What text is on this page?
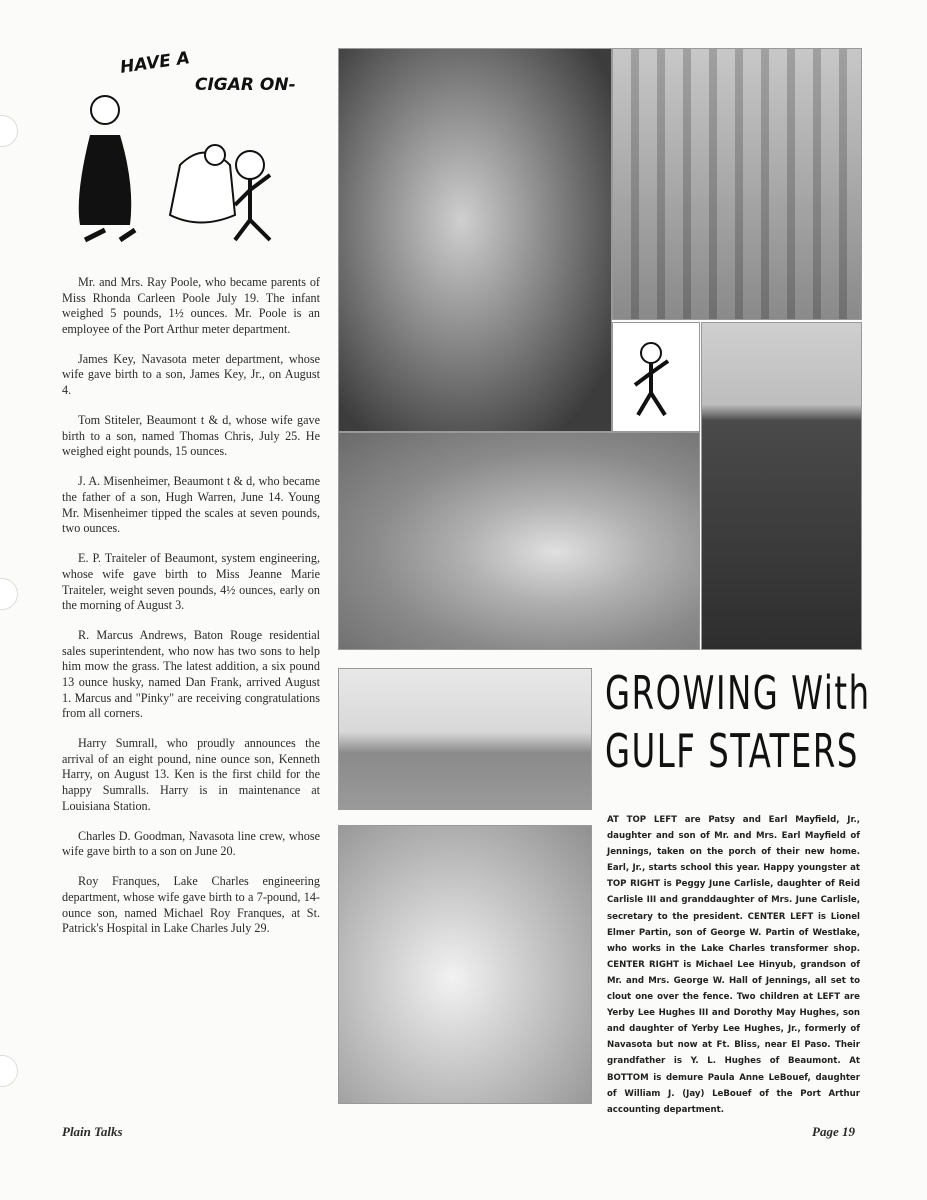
HAVE A
CIGAR ON-

Mr. and Mrs. Ray Poole, who became parents of Miss Rhonda Carleen Poole July 19. The infant weighed 5 pounds, 1½ ounces. Mr. Poole is an employee of the Port Arthur meter department.

James Key, Navasota meter department, whose wife gave birth to a son, James Key, Jr., on August 4.

Tom Stiteler, Beaumont t & d, whose wife gave birth to a son, named Thomas Chris, July 25. He weighed eight pounds, 15 ounces.

J. A. Misenheimer, Beaumont t & d, who became the father of a son, Hugh Warren, June 14. Young Mr. Misenheimer tipped the scales at seven pounds, two ounces.

E. P. Traiteler of Beaumont, system engineering, whose wife gave birth to Miss Jeanne Marie Traiteler, weight seven pounds, 4½ ounces, early on the morning of August 3.

R. Marcus Andrews, Baton Rouge residential sales superintendent, who now has two sons to help him mow the grass. The latest addition, a six pound 13 ounce husky, named Dan Frank, arrived August 1. Marcus and "Pinky" are receiving congratulations from all corners.

Harry Sumrall, who proudly announces the arrival of an eight pound, nine ounce son, Kenneth Harry, on August 13. Ken is the first child for the happy Sumralls. Harry is in maintenance at Louisiana Station.

Charles D. Goodman, Navasota line crew, whose wife gave birth to a son on June 20.

Roy Franques, Lake Charles engineering department, whose wife gave birth to a 7-pound, 14-ounce son, named Michael Roy Franques, at St. Patrick's Hospital in Lake Charles July 29.

GROWING With
GULF STATERS
AT TOP LEFT are Patsy and Earl Mayfield, Jr., daughter and son of Mr. and Mrs. Earl Mayfield of Jennings, taken on the porch of their new home. Earl, Jr., starts school this year. Happy youngster at TOP RIGHT is Peggy June Carlisle, daughter of Reid Carlisle III and granddaughter of Mrs. June Carlisle, secretary to the president. CENTER LEFT is Lionel Elmer Partin, son of George W. Partin of Westlake, who works in the Lake Charles transformer shop. CENTER RIGHT is Michael Lee Hinyub, grandson of Mr. and Mrs. George W. Hall of Jennings, all set to clout one over the fence. Two children at LEFT are Yerby Lee Hughes III and Dorothy May Hughes, son and daughter of Yerby Lee Hughes, Jr., formerly of Navasota but now at Ft. Bliss, near El Paso. Their grandfather is Y. L. Hughes of Beaumont. At BOTTOM is demure Paula Anne LeBouef, daughter of William J. (Jay) LeBouef of the Port Arthur accounting department.
Plain Talks	Page 19
